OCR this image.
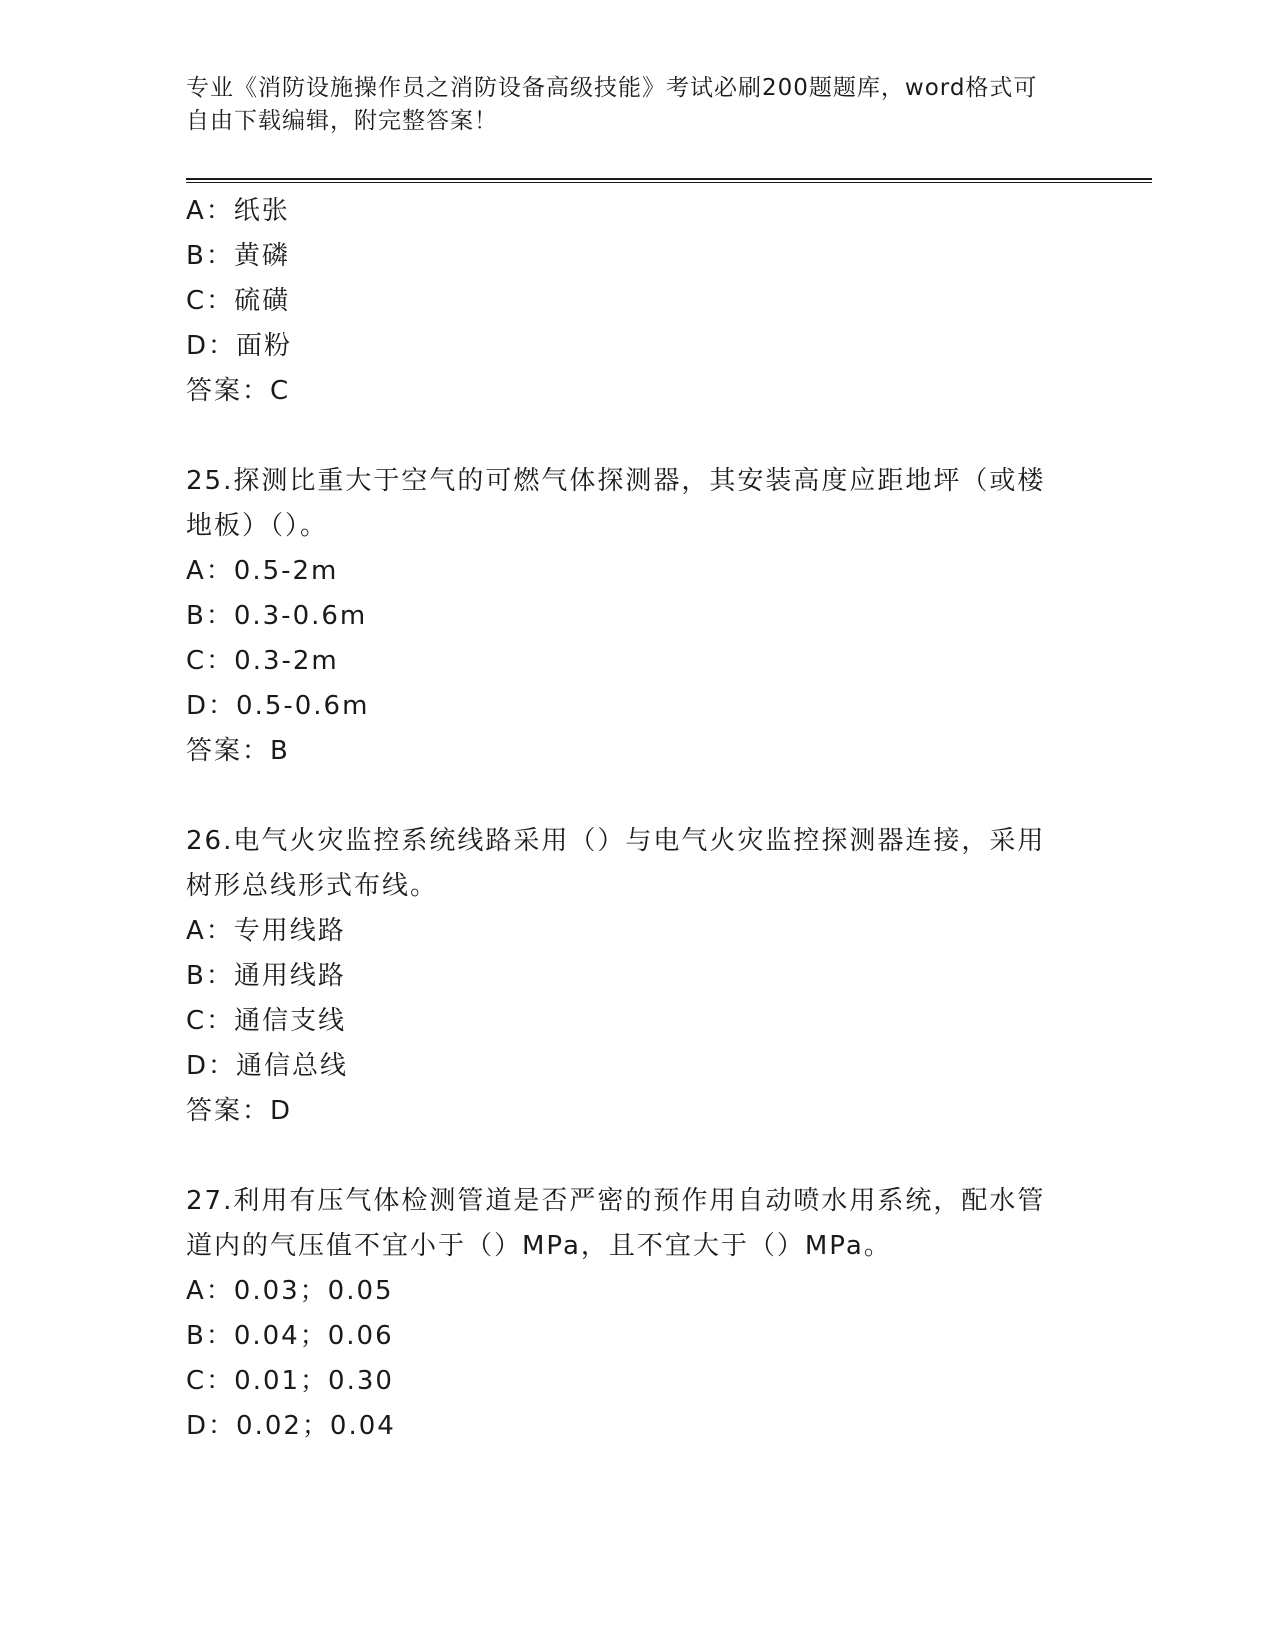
专业《消防设施操作员之消防设备高级技能》考试必刷200题题库，word格式可
自由下载编辑，附完整答案！
A：纸张
B：黄磷
C：硫磺
D：面粉
答案：C
25.探测比重大于空气的可燃气体探测器，其安装高度应距地坪（或楼
地板）（）。
A：0.5-2m
B：0.3-0.6m
C：0.3-2m
D：0.5-0.6m
答案：B
26.电气火灾监控系统线路采用（）与电气火灾监控探测器连接，采用
树形总线形式布线。
A：专用线路
B：通用线路
C：通信支线
D：通信总线
答案：D
27.利用有压气体检测管道是否严密的预作用自动喷水用系统，配水管
道内的气压值不宜小于（）MPa，且不宜大于（）MPa。
A：0.03；0.05
B：0.04；0.06
C：0.01；0.30
D：0.02；0.04
